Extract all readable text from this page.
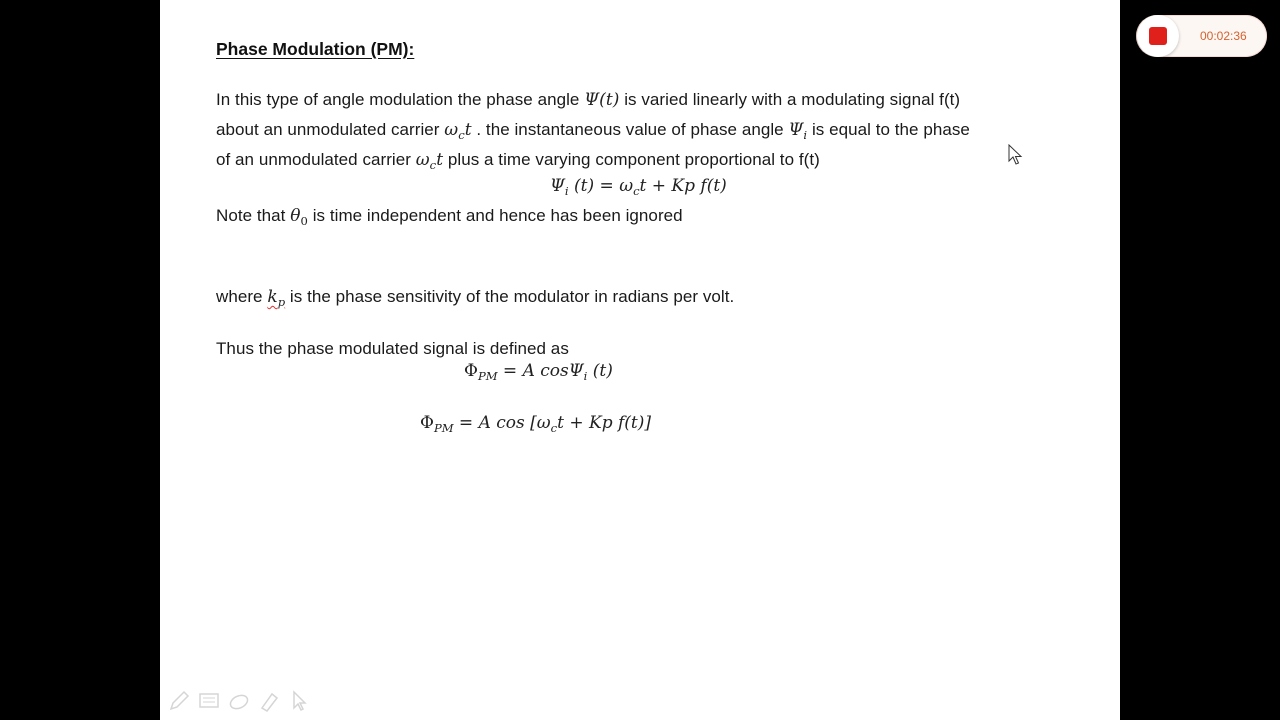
Phase Modulation (PM):
In this type of angle modulation the phase angle Ψ(t) is varied linearly with a modulating signal f(t)
about an unmodulated carrier $\omega_ct$ . the instantaneous value of phase angle $\Psi_i$ is equal to the phase
of an unmodulated carrier $\omega_ct$ plus a time varying component proportional to f(t)
$\Psi_i$ $(t) = \omega_ct + Kp$ f(t)
Note that $\theta_0$ is time independent and hence has been ignored
where $k_p$ is the phase sensitivity of the modulator in radians per volt.
Thus the phase modulated signal is defined as
$\Phi_{PM} = A$ cosΨ$_i$ (t)
$\Phi_{PM} = A$ $\cos [\omega_ct + Kp$ f(t)]
00:02:36
